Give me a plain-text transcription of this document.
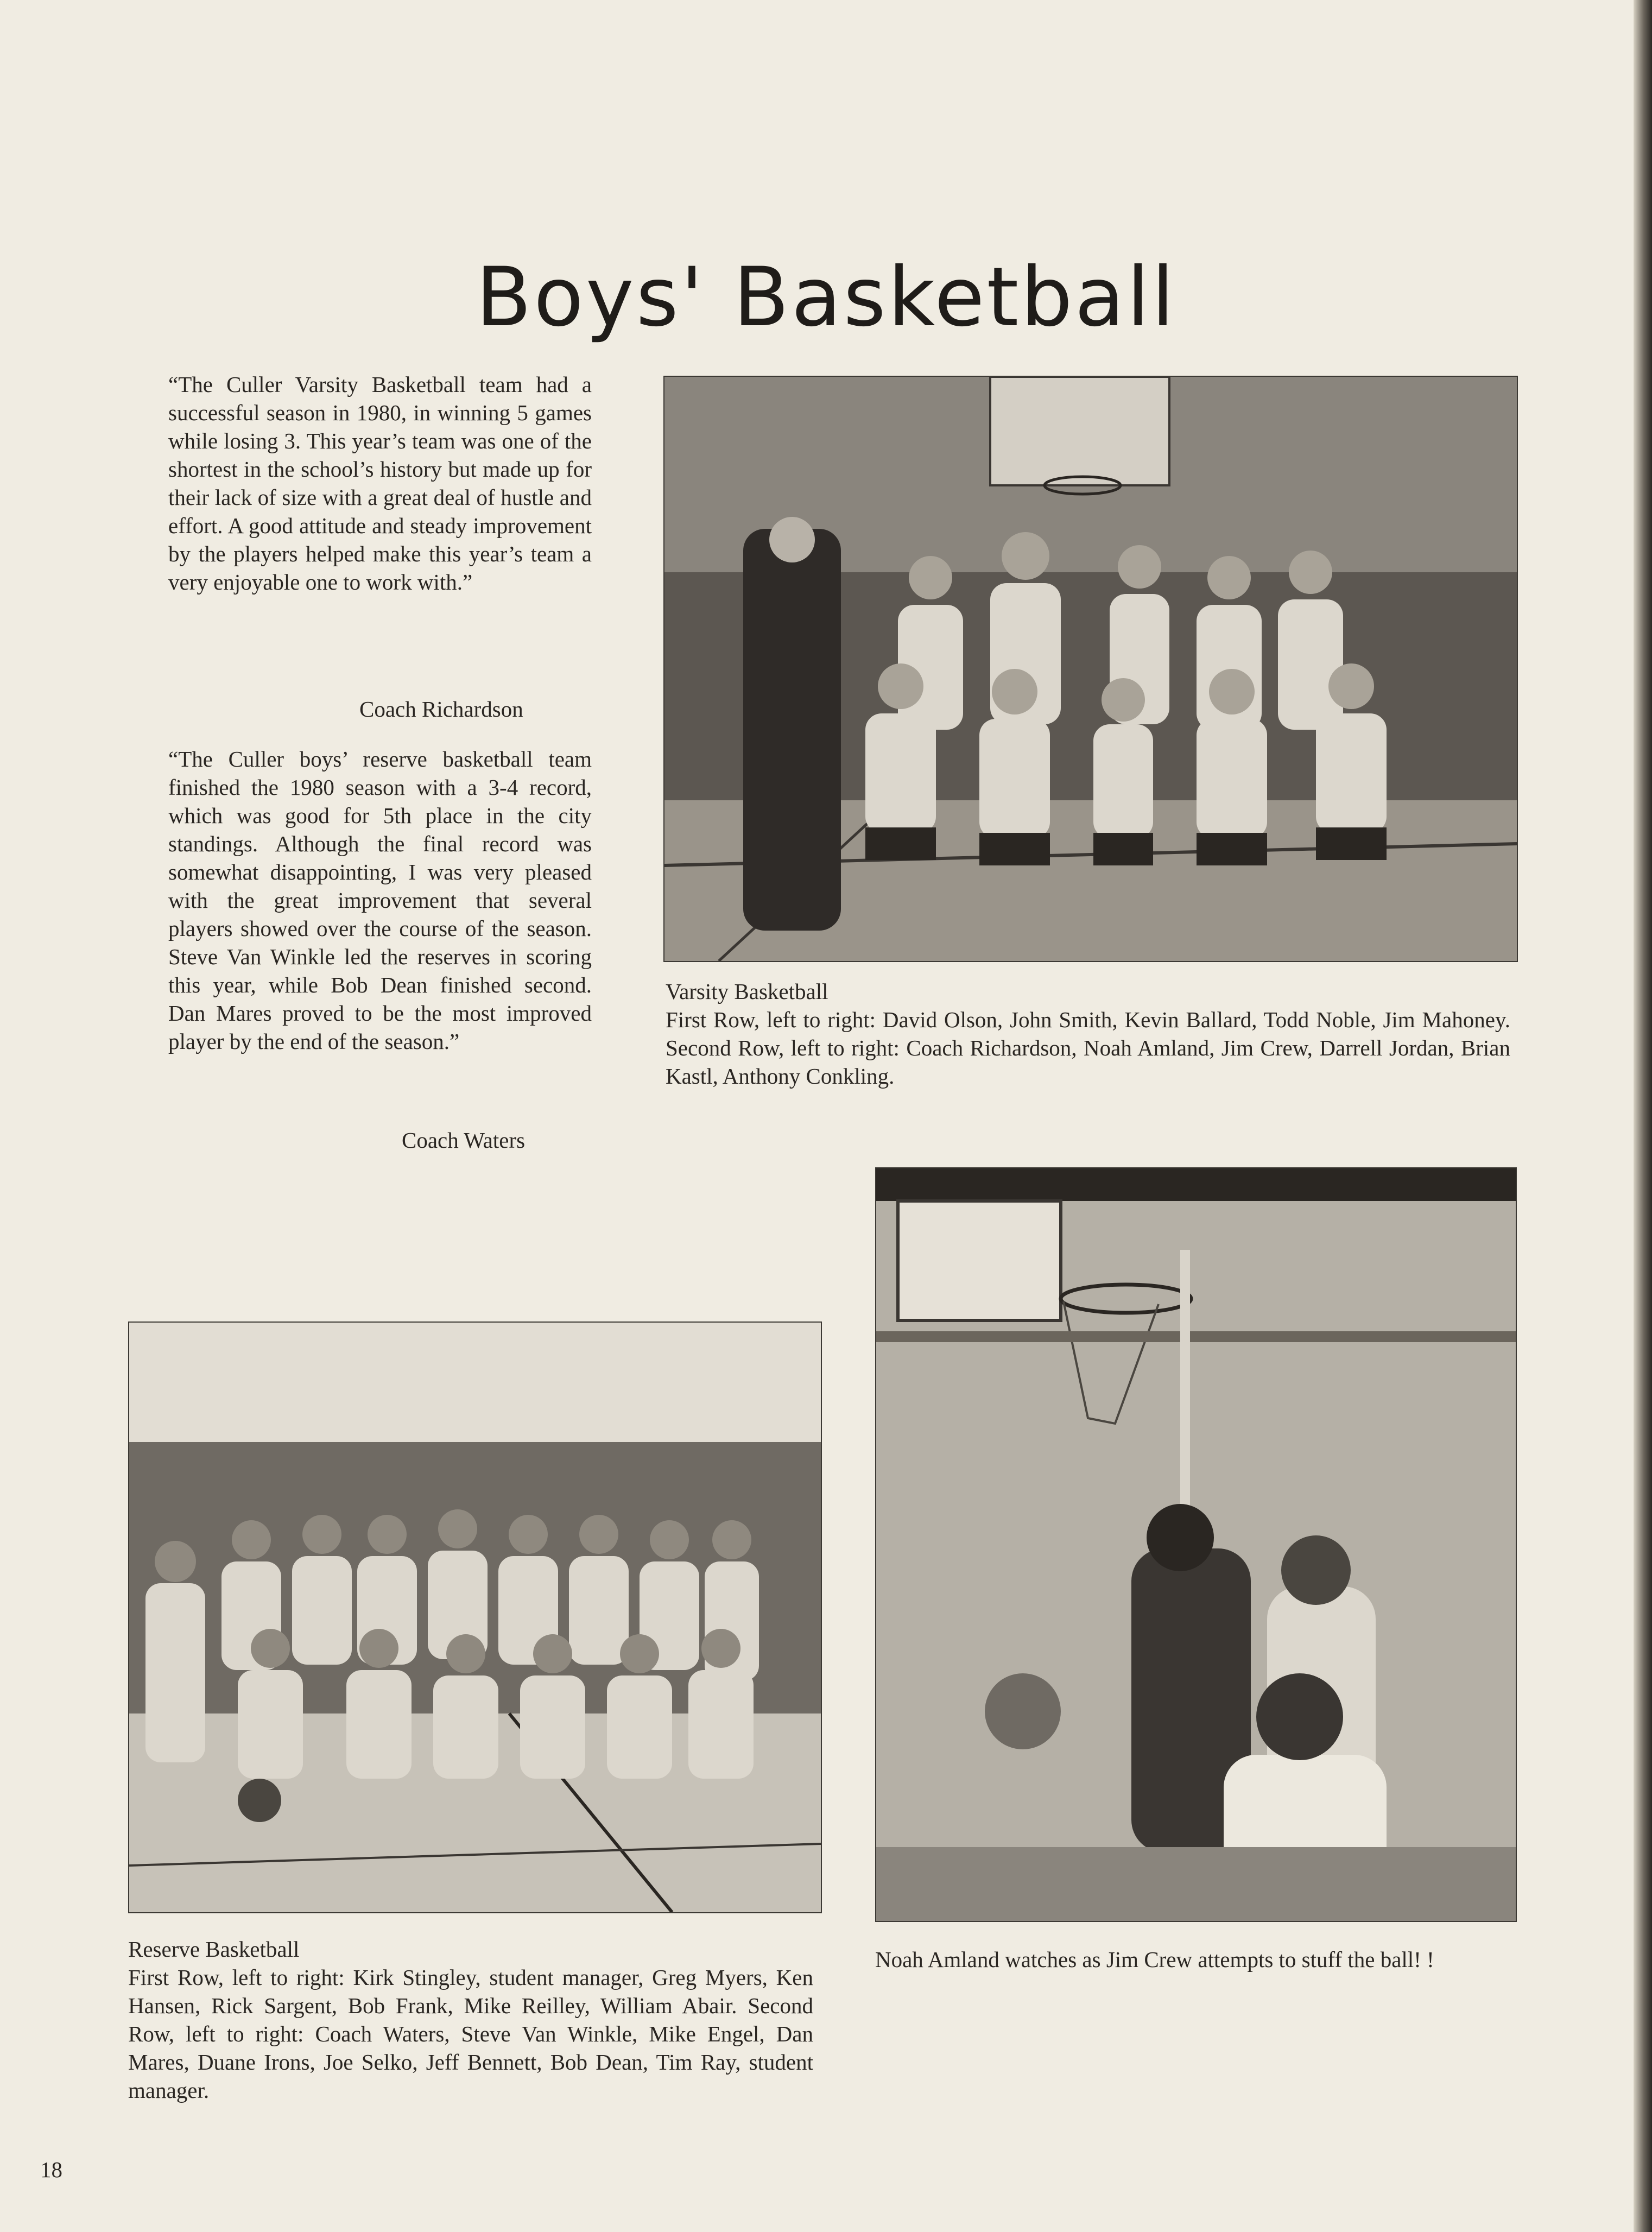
Boys' Basketball
“The Culler Varsity Basketball team had a successful season in 1980, in winning 5 games while losing 3. This year’s team was one of the shortest in the school’s history but made up for their lack of size with a great deal of hustle and effort. A good attitude and steady improvement by the players helped make this year’s team a very enjoyable one to work with.”
Coach Richardson
“The Culler boys’ reserve basketball team finished the 1980 season with a 3-4 record, which was good for 5th place in the city standings. Although the final record was somewhat disappointing, I was very pleased with the great improvement that several players showed over the course of the season. Steve Van Winkle led the reserves in scoring this year, while Bob Dean finished second. Dan Mares proved to be the most improved player by the end of the season.”
Coach Waters
Varsity Basketball
First Row, left to right: David Olson, John Smith, Kevin Ballard, Todd Noble, Jim Mahoney. Second Row, left to right: Coach Richardson, Noah Amland, Jim Crew, Darrell Jordan, Brian Kastl, Anthony Conkling.
Noah Amland watches as Jim Crew attempts to stuff the ball! !
Reserve Basketball
First Row, left to right: Kirk Stingley, student manager, Greg Myers, Ken Hansen, Rick Sargent, Bob Frank, Mike Reilley, William Abair. Second Row, left to right: Coach Waters, Steve Van Winkle, Mike Engel, Dan Mares, Duane Irons, Joe Selko, Jeff Bennett, Bob Dean, Tim Ray, student manager.
18
